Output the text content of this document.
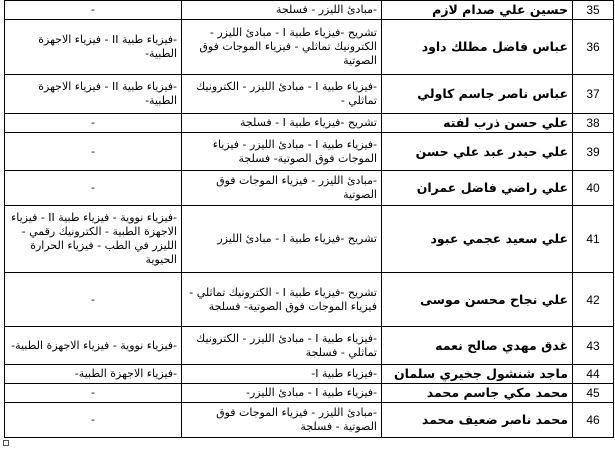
-	-مبادئ الليزر - فسلجة	حسين علي صدام لازم	35
-فيزياء طبية II - فيزياء الاجهزة الطبية-	تشريح -فيزياء طبية I - مبادئ الليزر - الكترونيك تماثلي - فيزياء الموجات فوق الصوتية	عباس فاضل مطلك داود	36
-فيزياء طبية II - فيزياء الاجهزة الطبية-	-فيزياء طبية I - مبادئ الليزر - الكترونيك تماثلي -	عباس ناصر جاسم كاولي	37
-	تشريح -فيزياء طبية I - فسلجة	علي حسن ذرب لفته	38
-	-فيزياء طبية I - مبادئ الليزر - فيزياء الموجات فوق الصوتية- فسلجة	علي حيدر عبد علي حسن	39
-	-مبادئ الليزر - فيزياء الموجات فوق الصوتية	علي راضي فاضل عمران	40
-فيزياء نووية - فيزياء طبية II - فيزياء الاجهزة الطبية - الكترونيك رقمي - الليزر في الطب - فيزياء الحرارة الحيوية	تشريح -فيزياء طبية I - مبادئ الليزر	علي سعيد عجمي عبود	41
-	تشريح -فيزياء طبية I - الكترونيك تماثلي - فيزياء الموجات فوق الصوتية- فسلجة	علي نجاح محسن موسى	42
-فيزياء نووية - فيزياء الاجهزة الطبية-	-فيزياء طبية I - مبادئ الليزر - الكترونيك تماثلي - فسلجة	غدق مهدي صالح نعمه	43
-فيزياء الاجهزة الطبية-	-فيزياء طبية I-	ماجد شنشول جخيري سلمان	44
-	-فيزياء طبية I - مبادئ الليزر-	محمد مكي جاسم محمد	45
-	-مبادئ الليزر - فيزياء الموجات فوق الصوتية - فسلجة	محمد ناصر ضعيف محمد	46
